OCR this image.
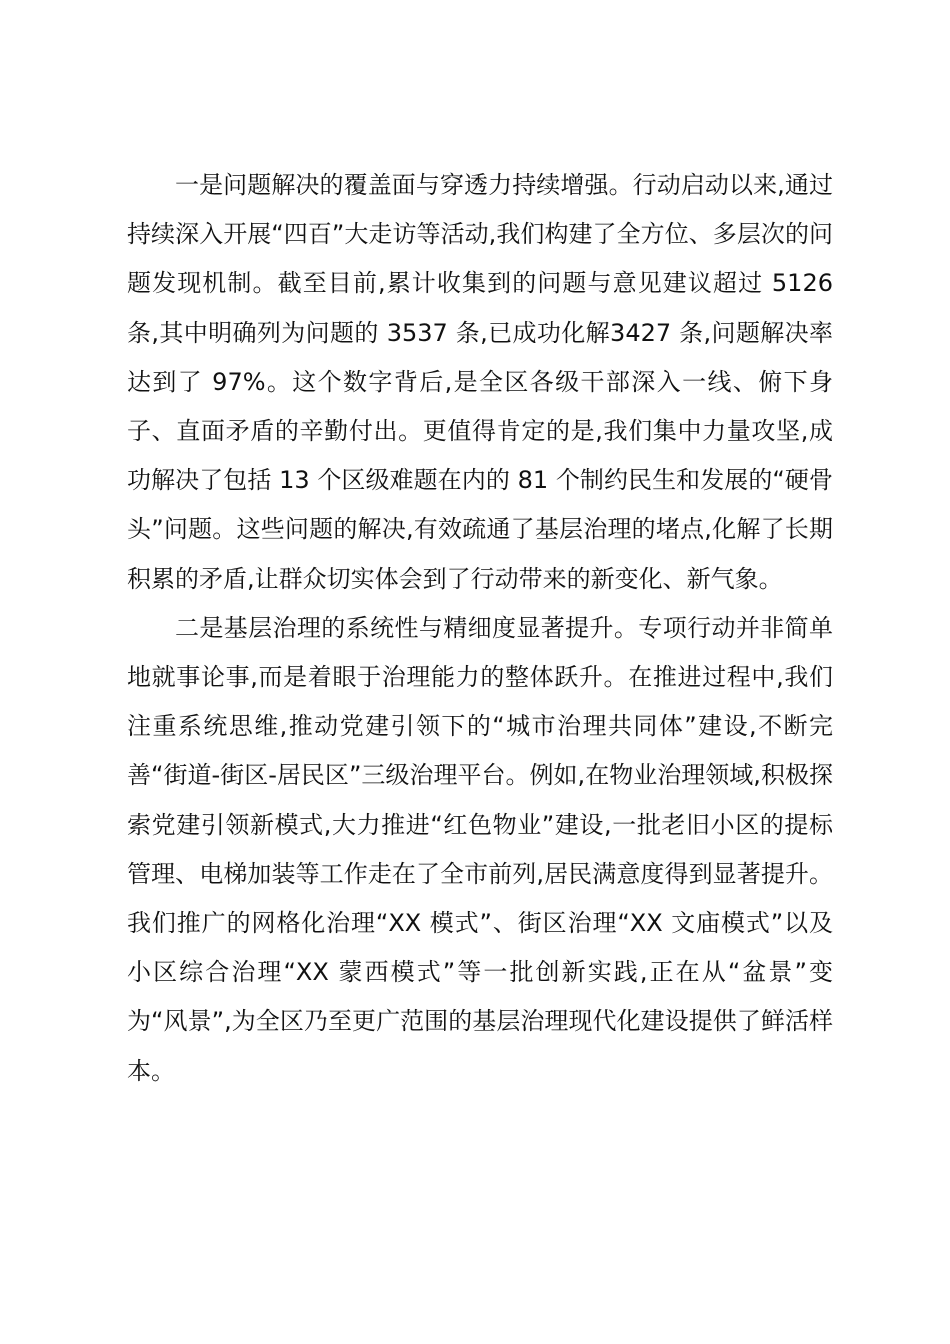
一是问题解决的覆盖面与穿透力持续增强。行动启动以来,通过持续深入开展“四百”大走访等活动,我们构建了全方位、多层次的问题发现机制。截至目前,累计收集到的问题与意见建议超过 5126 条,其中明确列为问题的 3537 条,已成功化解3427 条,问题解决率达到了 97%。这个数字背后,是全区各级干部深入一线、俯下身子、直面矛盾的辛勤付出。更值得肯定的是,我们集中力量攻坚,成功解决了包括 13 个区级难题在内的 81 个制约民生和发展的“硬骨头”问题。这些问题的解决,有效疏通了基层治理的堵点,化解了长期积累的矛盾,让群众切实体会到了行动带来的新变化、新气象。

二是基层治理的系统性与精细度显著提升。专项行动并非简单地就事论事,而是着眼于治理能力的整体跃升。在推进过程中,我们注重系统思维,推动党建引领下的“城市治理共同体”建设,不断完善“街道-街区-居民区”三级治理平台。例如,在物业治理领域,积极探索党建引领新模式,大力推进“红色物业”建设,一批老旧小区的提标管理、电梯加装等工作走在了全市前列,居民满意度得到显著提升。我们推广的网格化治理“XX 模式”、街区治理“XX 文庙模式”以及小区综合治理“XX 蒙西模式”等一批创新实践,正在从“盆景”变为“风景”,为全区乃至更广范围的基层治理现代化建设提供了鲜活样本。
